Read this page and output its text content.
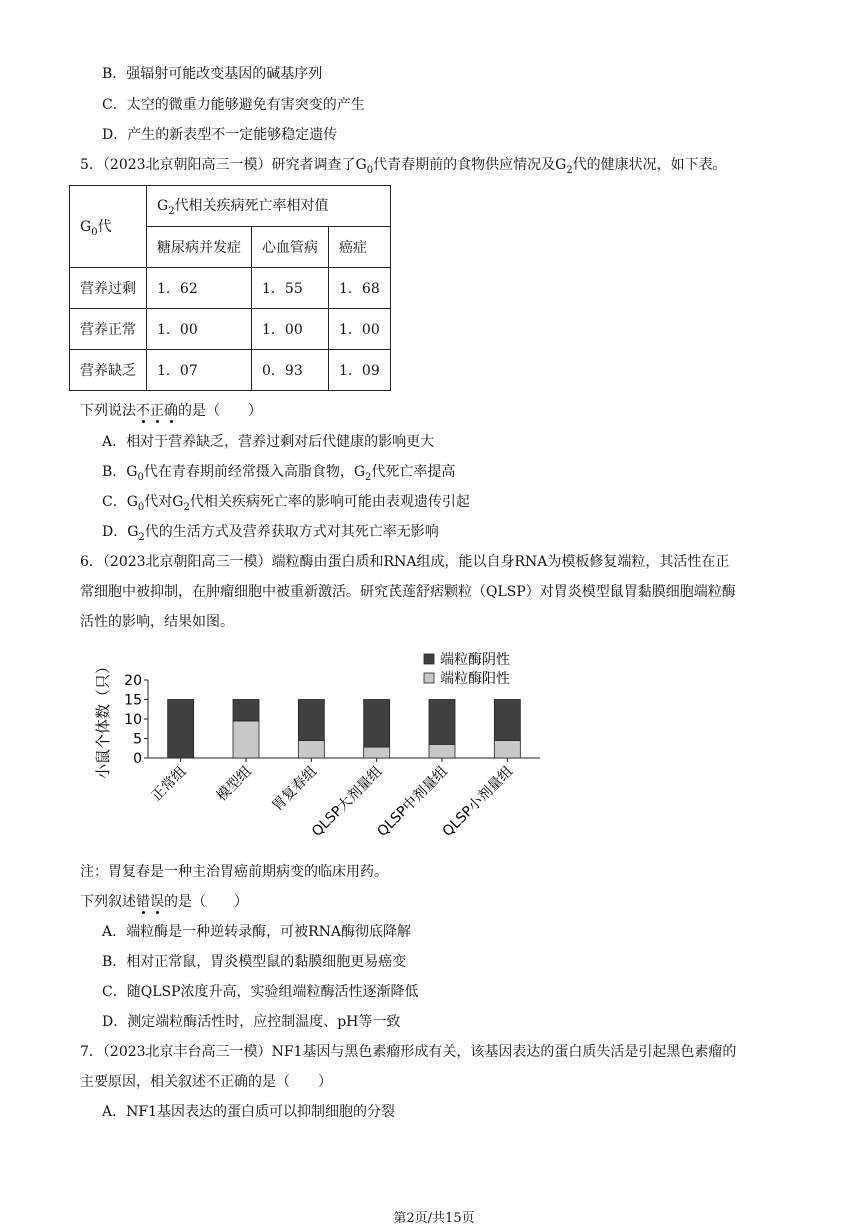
B．强辐射可能改变基因的碱基序列
C．太空的微重力能够避免有害突变的产生
D．产生的新表型不一定能够稳定遗传
5．（2023北京朝阳高三一模）研究者调查了$G_0$代青春期前的食物供应情况及$G_2$代的健康状况，如下表。
$G_0$代	$G_2$代相关疾病死亡率相对值		
	糖尿病并发症	心血管病	癌症
营养过剩	1．62	1．55	1．68
营养正常	1．00	1．00	1．00
营养缺乏	1．07	0．93	1．09
下列说法不正确的是（　　）
A．相对于营养缺乏，营养过剩对后代健康的影响更大
B．$G_0$代在青春期前经常摄入高脂食物，$G_2$代死亡率提高
C．$G_0$代对$G_2$代相关疾病死亡率的影响可能由表观遗传引起
D．$G_2$代的生活方式及营养获取方式对其死亡率无影响
6．（2023北京朝阳高三一模）端粒酶由蛋白质和RNA组成，能以自身RNA为模板修复端粒，其活性在正
常细胞中被抑制，在肿瘤细胞中被重新激活。研究芪莲舒痞颗粒（QLSP）对胃炎模型鼠胃黏膜细胞端粒酶
活性的影响，结果如图。
小鼠个体数（只） 0
5
10
15
20
正常组 模型组 胃复春组
QLSP大剂量组
QLSP中剂量组
QLSP小剂量组
端粒酶阴性
端粒酶阳性
注：胃复春是一种主治胃癌前期病变的临床用药。
下列叙述错误的是（　　）
A．端粒酶是一种逆转录酶，可被RNA酶彻底降解
B．相对正常鼠，胃炎模型鼠的黏膜细胞更易癌变
C．随QLSP浓度升高，实验组端粒酶活性逐渐降低
D．测定端粒酶活性时，应控制温度、pH等一致
7．（2023北京丰台高三一模）NF1基因与黑色素瘤形成有关，该基因表达的蛋白质失活是引起黑色素瘤的
主要原因，相关叙述不正确的是（　　）
A．NF1基因表达的蛋白质可以抑制细胞的分裂
第2页/共15页
